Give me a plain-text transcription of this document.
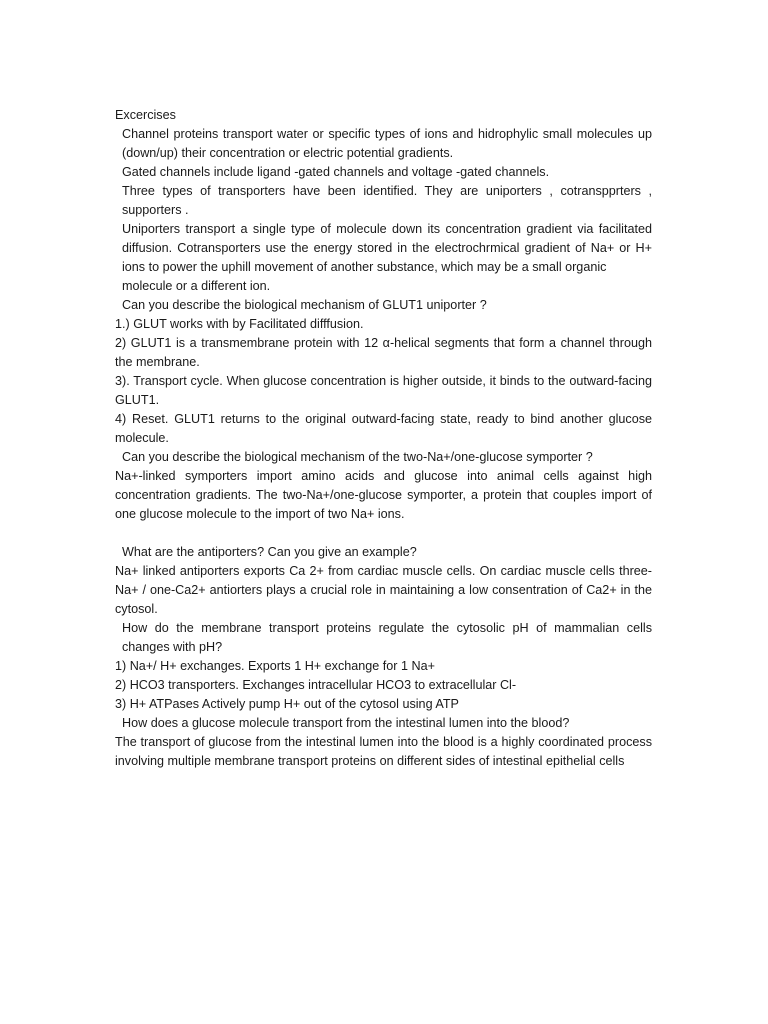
Excercises

Channel proteins transport water or specific types of ions and hidrophylic small molecules up (down/up) their concentration or electric potential gradients.

Gated channels include ligand -gated channels and voltage -gated channels.

Three types of transporters have been identified. They are uniporters , cotranspprters , supporters .

Uniporters transport a single type of molecule down its concentration gradient via facilitated diffusion. Cotransporters use the energy stored in the electrochrmical gradient of Na+ or H+ ions to power the uphill movement of another substance, which may be a small organic

molecule or a different ion.

Can you describe the biological mechanism of GLUT1 uniporter ?

1.) GLUT works with by Facilitated difffusion.

2) GLUT1 is a transmembrane protein with 12 α-helical segments that form a channel through the membrane.

3). Transport cycle. When glucose concentration is higher outside, it binds to the outward-facing GLUT1.

4) Reset. GLUT1 returns to the original outward-facing state, ready to bind another glucose molecule.

Can you describe the biological mechanism of the two-Na+/one-glucose symporter ?

Na+-linked symporters import amino acids and glucose into animal cells against high concentration gradients. The two-Na+/one-glucose symporter, a protein that couples import of one glucose molecule to the import of two Na+ ions.

What are the antiporters? Can you give an example?

Na+ linked antiporters exports Ca 2+ from cardiac muscle cells. On cardiac muscle cells three-Na+ / one-Ca2+ antiorters plays a crucial role in maintaining a low consentration of Ca2+ in the cytosol.

How do the membrane transport proteins regulate the cytosolic pH of mammalian cells changes with pH?

1) Na+/ H+ exchanges. Exports 1 H+ exchange for 1 Na+

2) HCO3 transporters. Exchanges intracellular HCO3 to extracellular Cl-

3) H+ ATPases Actively pump H+ out of the cytosol using ATP

How does a glucose molecule transport from the intestinal lumen into the blood?

The transport of glucose from the intestinal lumen into the blood is a highly coordinated process involving multiple membrane transport proteins on different sides of intestinal epithelial cells
